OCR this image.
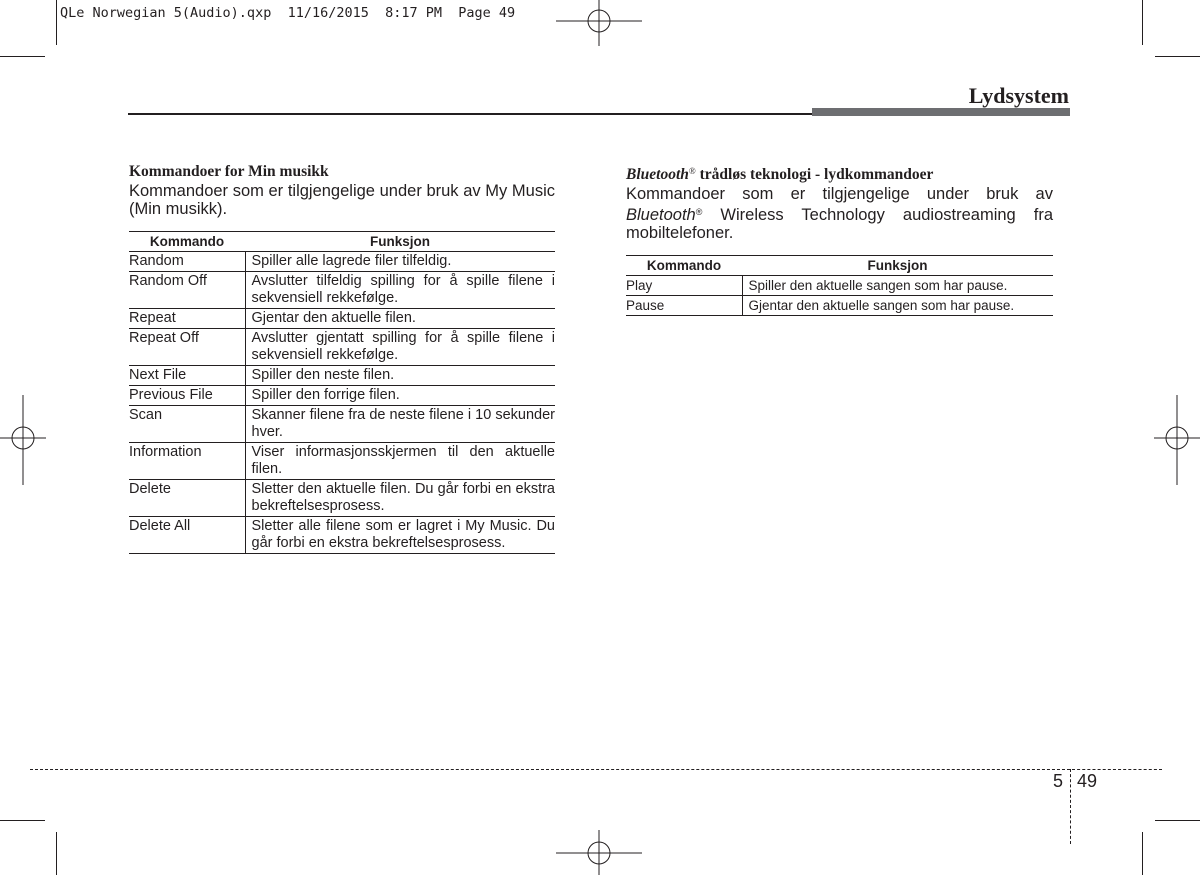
QLe Norwegian 5(Audio).qxp  11/16/2015  8:17 PM  Page 49
Lydsystem
Kommandoer for Min musikk

Kommandoer som er tilgjengelige under bruk av My Music (Min musikk).

Kommando	Funksjon
Random	Spiller alle lagrede filer tilfeldig.
Random Off	Avslutter tilfeldig spilling for å spille filene i sekvensiell rekkefølge.
Repeat	Gjentar den aktuelle filen.
Repeat Off	Avslutter gjentatt spilling for å spille filene i sekvensiell rekkefølge.
Next File	Spiller den neste filen.
Previous File	Spiller den forrige filen.
Scan	Skanner filene fra de neste filene i 10 sekunder hver.
Information	Viser informasjonsskjermen til den aktuelle filen.
Delete	Sletter den aktuelle filen. Du går forbi en ekstra bekreftelsesprosess.
Delete All	Sletter alle filene som er lagret i My Music. Du går forbi en ekstra bekreftelsesprosess.
Bluetooth® trådløs teknologi - lydkommandoer

Kommandoer som er tilgjengelige under bruk av Bluetooth® Wireless Technology audiostreaming fra mobiltelefoner.

Kommando	Funksjon
Play	Spiller den aktuelle sangen som har pause.
Pause	Gjentar den aktuelle sangen som har pause.
5 49
